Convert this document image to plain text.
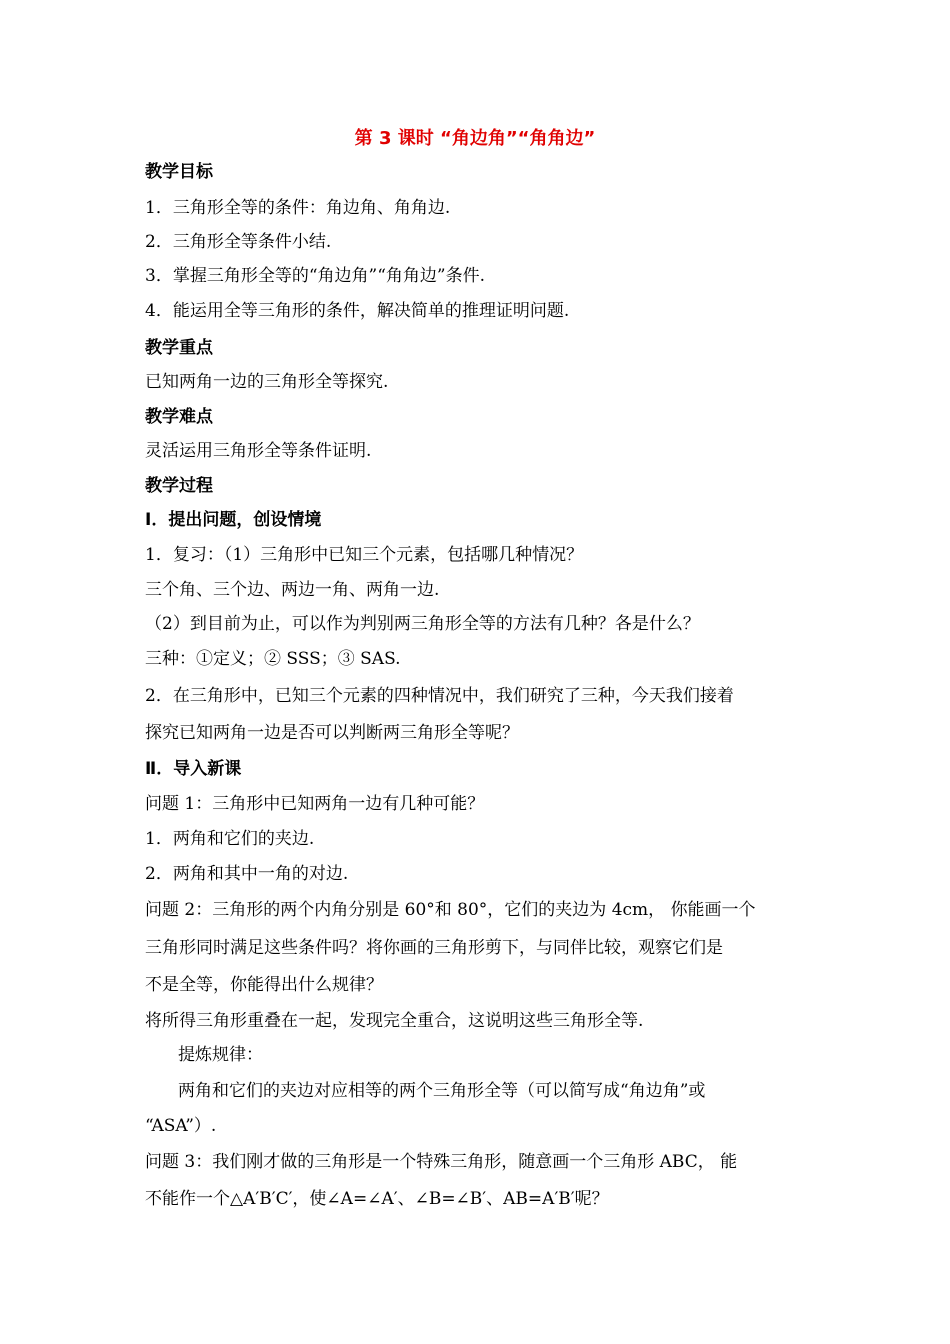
第 3 课时 “角边角”“角角边”
教学目标
1．三角形全等的条件：角边角、角角边.
2．三角形全等条件小结.
3．掌握三角形全等的“角边角”“角角边”条件.
4．能运用全等三角形的条件，解决简单的推理证明问题.
教学重点
已知两角一边的三角形全等探究.
教学难点
灵活运用三角形全等条件证明.
教学过程
Ⅰ．提出问题，创设情境
1．复习：（1）三角形中已知三个元素，包括哪几种情况？
三个角、三个边、两边一角、两角一边.
（2）到目前为止，可以作为判别两三角形全等的方法有几种？各是什么？
三种：①定义；② SSS；③ SAS.
2．在三角形中，已知三个元素的四种情况中，我们研究了三种，今天我们接着
探究已知两角一边是否可以判断两三角形全等呢？
Ⅱ．导入新课
问题 1：三角形中已知两角一边有几种可能？
1．两角和它们的夹边.
2．两角和其中一角的对边.
问题 2：三角形的两个内角分别是 60°和 80°，它们的夹边为 4cm， 你能画一个
三角形同时满足这些条件吗？将你画的三角形剪下，与同伴比较，观察它们是
不是全等，你能得出什么规律？
将所得三角形重叠在一起，发现完全重合，这说明这些三角形全等.
提炼规律：
两角和它们的夹边对应相等的两个三角形全等（可以简写成“角边角”或
“ASA”）.
问题 3：我们刚才做的三角形是一个特殊三角形，随意画一个三角形 ABC， 能
不能作一个△A′B′C′，使∠A=∠A′、∠B=∠B′、AB=A′B′呢？
